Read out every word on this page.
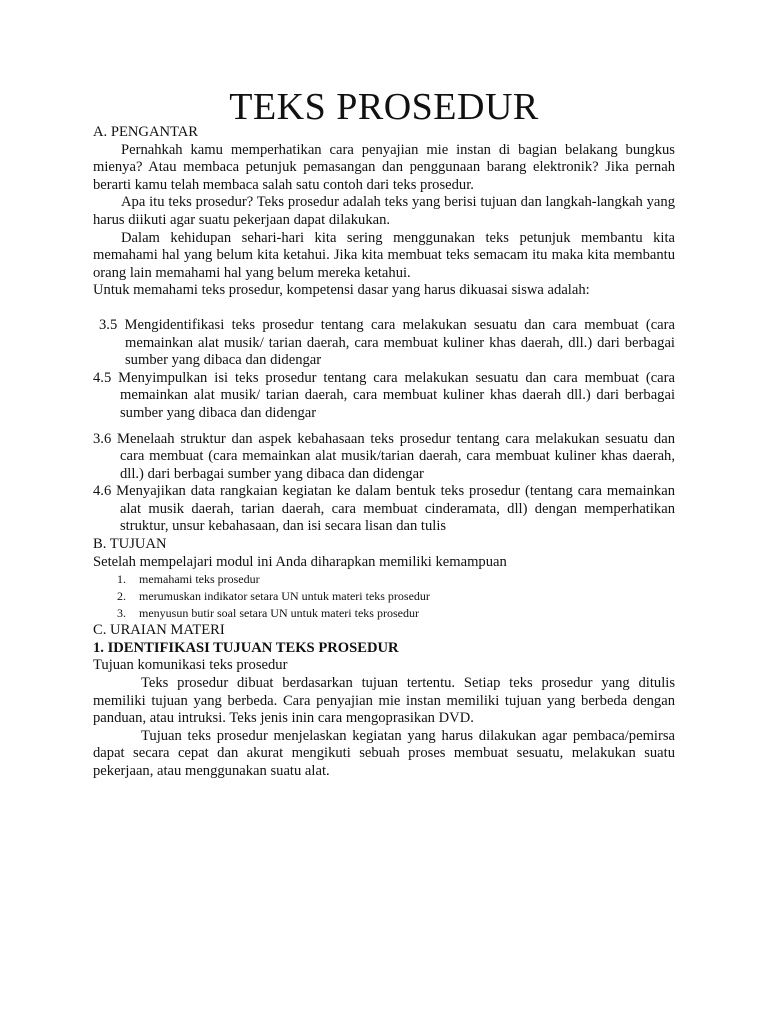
TEKS PROSEDUR

A. PENGANTAR

Pernahkah kamu memperhatikan cara penyajian mie instan di bagian belakang bungkus mienya? Atau membaca petunjuk pemasangan dan penggunaan barang elektronik? Jika pernah berarti kamu telah membaca salah satu contoh dari teks prosedur.

Apa itu teks prosedur? Teks prosedur adalah teks yang berisi tujuan dan langkah-langkah yang harus diikuti agar suatu pekerjaan dapat dilakukan.

Dalam kehidupan sehari-hari kita sering menggunakan teks petunjuk membantu kita memahami hal yang belum kita ketahui. Jika kita membuat teks semacam itu maka kita membantu orang lain memahami hal yang belum mereka ketahui.

Untuk memahami teks prosedur, kompetensi dasar yang harus dikuasai siswa adalah:

3.5 Mengidentifikasi teks prosedur tentang cara melakukan sesuatu dan cara membuat (cara memainkan alat musik/ tarian daerah, cara membuat kuliner khas daerah, dll.) dari berbagai sumber yang dibaca dan didengar

4.5 Menyimpulkan isi teks prosedur tentang cara melakukan sesuatu dan cara membuat (cara memainkan alat musik/ tarian daerah, cara membuat kuliner khas daerah dll.) dari berbagai sumber yang dibaca dan didengar

3.6 Menelaah struktur dan aspek kebahasaan teks prosedur tentang cara melakukan sesuatu dan cara membuat (cara memainkan alat musik/tarian daerah, cara membuat kuliner khas daerah, dll.) dari berbagai sumber yang dibaca dan didengar

4.6 Menyajikan data rangkaian kegiatan ke dalam bentuk teks prosedur (tentang cara memainkan alat musik daerah, tarian daerah, cara membuat cinderamata, dll) dengan memperhatikan struktur, unsur kebahasaan, dan isi secara lisan dan tulis

B. TUJUAN

Setelah mempelajari modul ini Anda diharapkan memiliki kemampuan

1.	memahami teks prosedur
2.	merumuskan indikator setara UN untuk materi teks prosedur
3.	menyusun butir soal setara UN untuk materi teks prosedur

C. URAIAN MATERI

1. IDENTIFIKASI TUJUAN TEKS PROSEDUR

Tujuan komunikasi teks prosedur

Teks prosedur dibuat berdasarkan tujuan tertentu. Setiap teks prosedur yang ditulis memiliki tujuan yang berbeda. Cara penyajian mie instan memiliki tujuan yang berbeda dengan panduan, atau intruksi. Teks jenis inin cara mengoprasikan DVD.

Tujuan teks prosedur menjelaskan kegiatan yang harus dilakukan agar pembaca/pemirsa dapat secara cepat dan akurat mengikuti sebuah proses membuat sesuatu, melakukan suatu pekerjaan, atau menggunakan suatu alat.
